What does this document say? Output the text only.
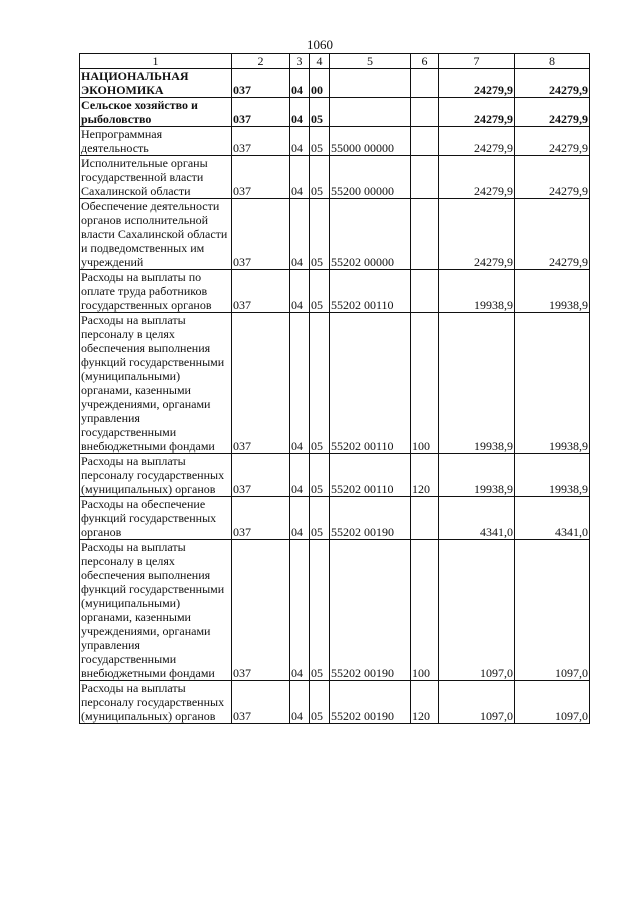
1060
1	2	3	4	5	6	7	8
НАЦИОНАЛЬНАЯ ЭКОНОМИКА	037	04	00			24279,9	24279,9
Сельское хозяйство и рыболовство	037	04	05			24279,9	24279,9
Непрограммная деятельность	037	04	05	55000 00000		24279,9	24279,9
Исполнительные органы государственной власти Сахалинской области	037	04	05	55200 00000		24279,9	24279,9
Обеспечение деятельности органов исполнительной власти Сахалинской области и подведомственных им учреждений	037	04	05	55202 00000		24279,9	24279,9
Расходы на выплаты по оплате труда работников государственных органов	037	04	05	55202 00110		19938,9	19938,9
Расходы на выплаты персоналу в целях обеспечения выполнения функций государственными (муниципальными) органами, казенными учреждениями, органами управления государственными внебюджетными фондами	037	04	05	55202 00110	100	19938,9	19938,9
Расходы на выплаты персоналу государственных (муниципальных) органов	037	04	05	55202 00110	120	19938,9	19938,9
Расходы на обеспечение функций государственных органов	037	04	05	55202 00190		4341,0	4341,0
Расходы на выплаты персоналу в целях обеспечения выполнения функций государственными (муниципальными) органами, казенными учреждениями, органами управления государственными внебюджетными фондами	037	04	05	55202 00190	100	1097,0	1097,0
Расходы на выплаты персоналу государственных (муниципальных) органов	037	04	05	55202 00190	120	1097,0	1097,0
